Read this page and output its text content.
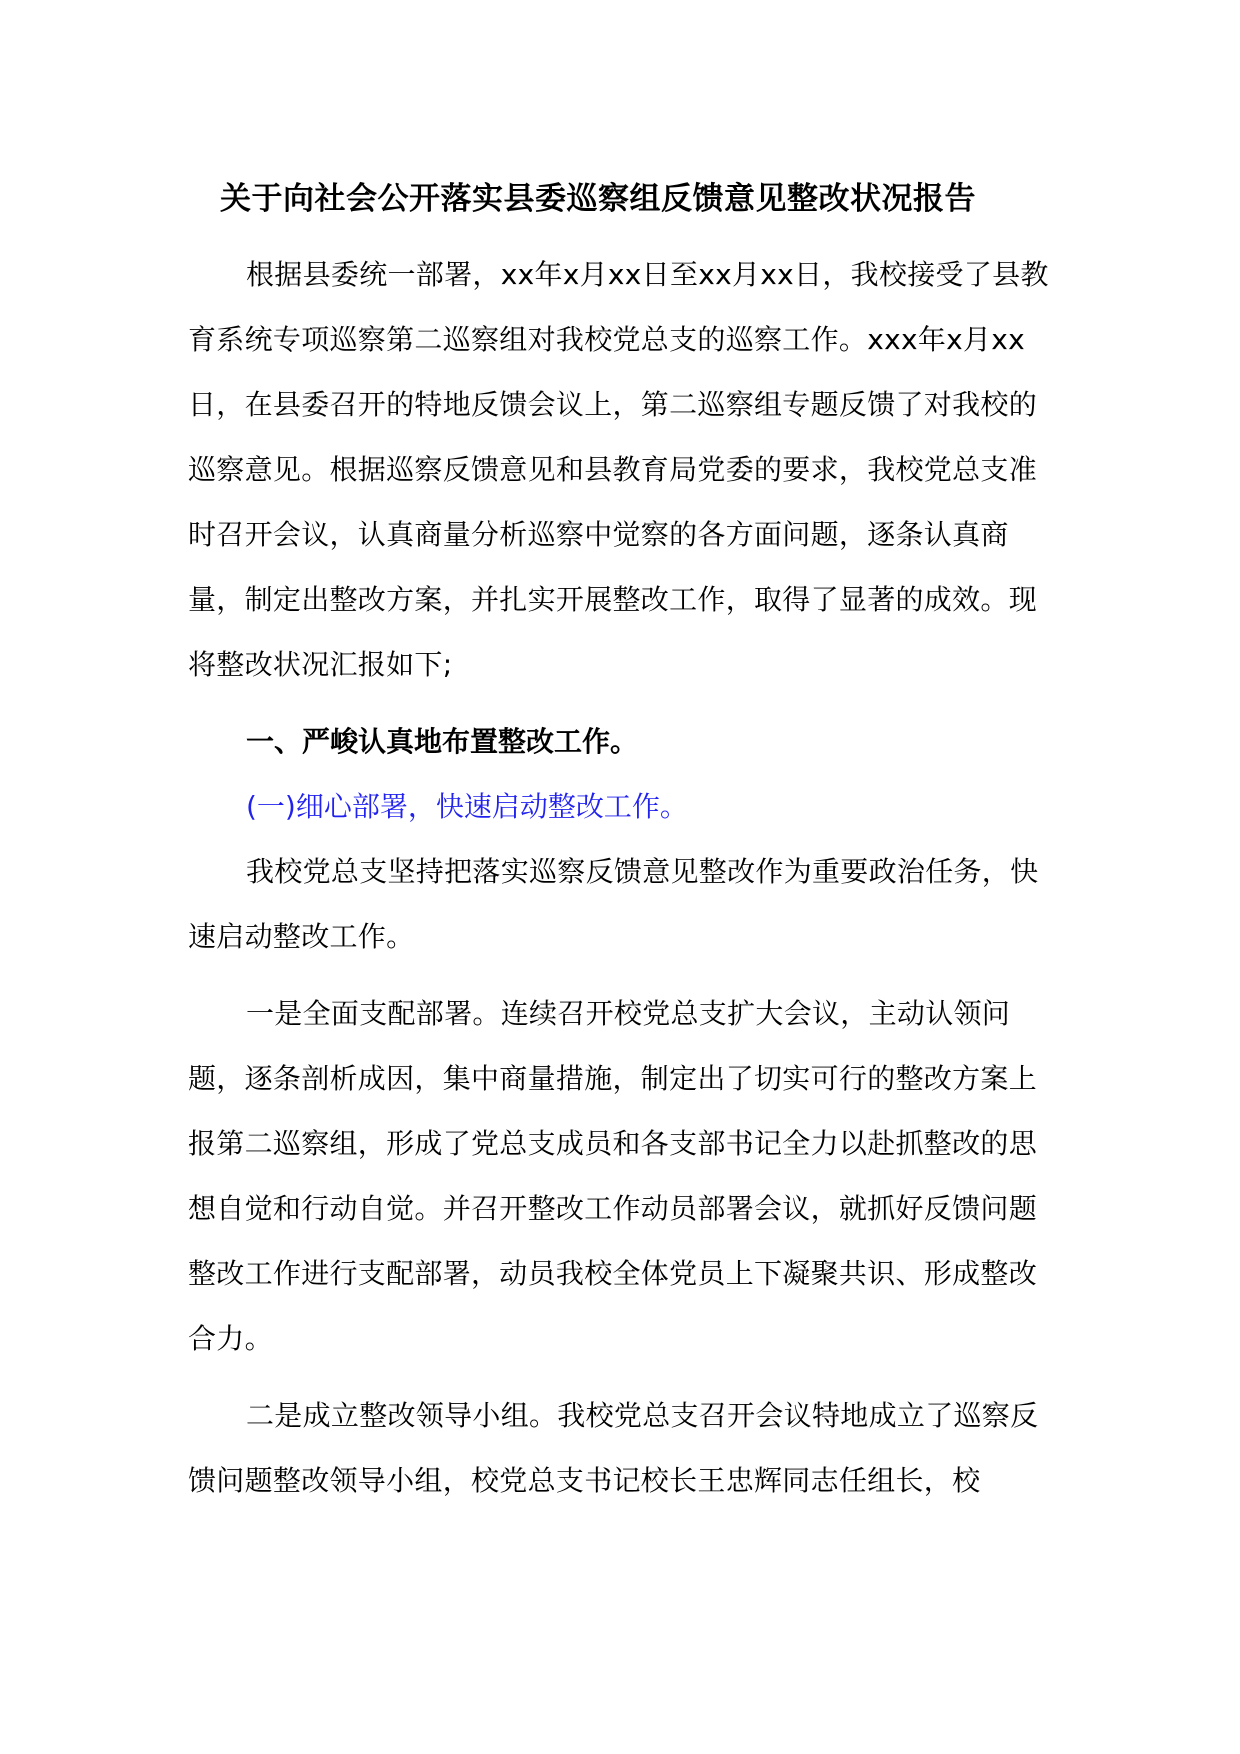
关于向社会公开落实县委巡察组反馈意见整改状况报告

根据县委统一部署，xx年x月xx日至xx月xx日，我校接受了县教育系统专项巡察第二巡察组对我校党总支的巡察工作。xxx年x月xx日，在县委召开的特地反馈会议上，第二巡察组专题反馈了对我校的巡察意见。根据巡察反馈意见和县教育局党委的要求，我校党总支准时召开会议，认真商量分析巡察中觉察的各方面问题，逐条认真商量，制定出整改方案，并扎实开展整改工作，取得了显著的成效。现将整改状况汇报如下;

一、严峻认真地布置整改工作。

(一)细心部署，快速启动整改工作。

我校党总支坚持把落实巡察反馈意见整改作为重要政治任务，快速启动整改工作。

一是全面支配部署。连续召开校党总支扩大会议，主动认领问题，逐条剖析成因，集中商量措施，制定出了切实可行的整改方案上报第二巡察组，形成了党总支成员和各支部书记全力以赴抓整改的思想自觉和行动自觉。并召开整改工作动员部署会议，就抓好反馈问题整改工作进行支配部署，动员我校全体党员上下凝聚共识、形成整改合力。

二是成立整改领导小组。我校党总支召开会议特地成立了巡察反馈问题整改领导小组，校党总支书记校长王忠辉同志任组长，校
